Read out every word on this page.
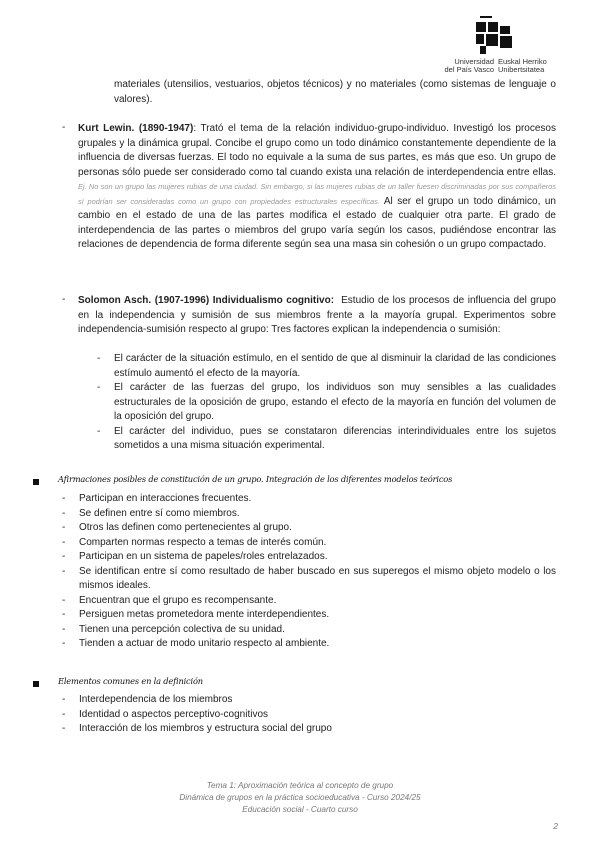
Universidad
del País Vasco
Euskal Herriko
Unibertsitatea
materiales (utensilios, vestuarios, objetos técnicos) y no materiales (como sistemas de lenguaje o valores).
- Kurt Lewin. (1890-1947): Trató el tema de la relación individuo-grupo-individuo. Investigó los procesos grupales y la dinámica grupal. Concibe el grupo como un todo dinámico constantemente dependiente de la influencia de diversas fuerzas. El todo no equivale a la suma de sus partes, es más que eso. Un grupo de personas sólo puede ser considerado como tal cuando exista una relación de interdependencia entre ellas. Ej. No son un grupo las mujeres rubias de una ciudad. Sin embargo, si las mujeres rubias de un taller fuesen discriminadas por sus compañeros sí podrían ser consideradas como un grupo con propiedades estructurales específicas. Al ser el grupo un todo dinámico, un cambio en el estado de una de las partes modifica el estado de cualquier otra parte. El grado de interdependencia de las partes o miembros del grupo varía según los casos, pudiéndose encontrar las relaciones de dependencia de forma diferente según sea una masa sin cohesión o un grupo compactado.
- Solomon Asch. (1907-1996) Individualismo cognitivo: Estudio de los procesos de influencia del grupo en la independencia y sumisión de sus miembros frente a la mayoría grupal. Experimentos sobre independencia-sumisión respecto al grupo: Tres factores explican la independencia o sumisión:
- El carácter de la situación estímulo, en el sentido de que al disminuir la claridad de las condiciones estímulo aumentó el efecto de la mayoría.
- El carácter de las fuerzas del grupo, los individuos son muy sensibles a las cualidades estructurales de la oposición de grupo, estando el efecto de la mayoría en función del volumen de la oposición del grupo.
- El carácter del individuo, pues se constataron diferencias interindividuales entre los sujetos sometidos a una misma situación experimental.
Afirmaciones posibles de constitución de un grupo. Integración de los diferentes modelos teóricos
- Participan en interacciones frecuentes.
- Se definen entre sí como miembros.
- Otros las definen como pertenecientes al grupo.
- Comparten normas respecto a temas de interés común.
- Participan en un sistema de papeles/roles entrelazados.
- Se identifican entre sí como resultado de haber buscado en sus superegos el mismo objeto modelo o los mismos ideales.
- Encuentran que el grupo es recompensante.
- Persiguen metas prometedora mente interdependientes.
- Tienen una percepción colectiva de su unidad.
- Tienden a actuar de modo unitario respecto al ambiente.
Elementos comunes en la definición
- Interdependencia de los miembros
- Identidad o aspectos perceptivo-cognitivos
- Interacción de los miembros y estructura social del grupo
Tema 1: Aproximación teórica al concepto de grupo
Dinámica de grupos en la práctica socioeducativa - Curso 2024/25
Educación social - Cuarto curso
2
